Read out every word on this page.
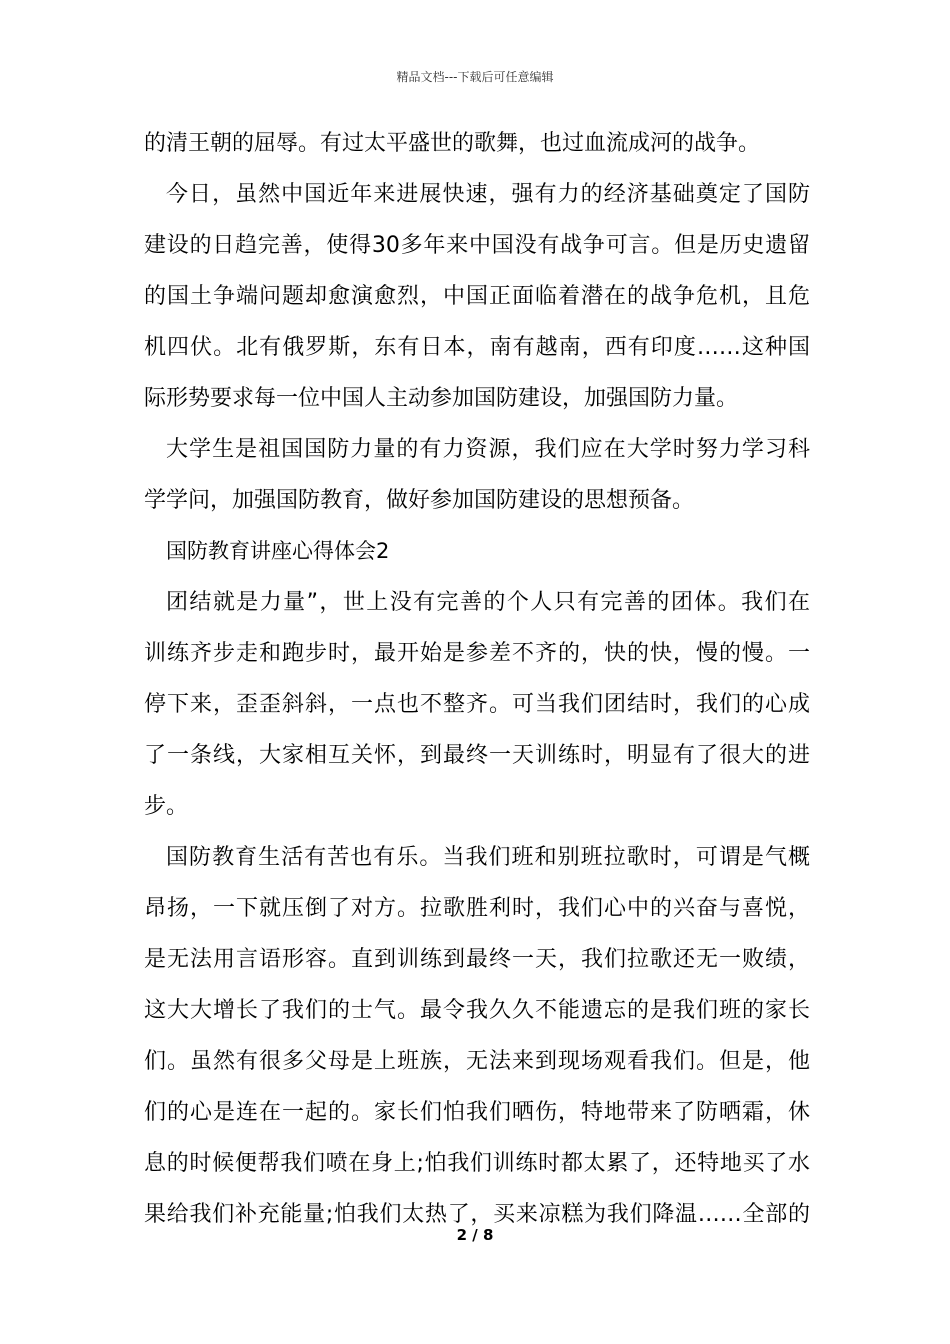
精品文档---下载后可任意编辑
的清王朝的屈辱。有过太平盛世的歌舞，也过血流成河的战争。
今日，虽然中国近年来进展快速，强有力的经济基础奠定了国防
建设的日趋完善，使得30多年来中国没有战争可言。但是历史遗留
的国土争端问题却愈演愈烈，中国正面临着潜在的战争危机，且危
机四伏。北有俄罗斯，东有日本，南有越南，西有印度……这种国
际形势要求每一位中国人主动参加国防建设，加强国防力量。
大学生是祖国国防力量的有力资源，我们应在大学时努力学习科
学学问，加强国防教育，做好参加国防建设的思想预备。
国防教育讲座心得体会2
团结就是力量”，世上没有完善的个人只有完善的团体。我们在
训练齐步走和跑步时，最开始是参差不齐的，快的快，慢的慢。一
停下来，歪歪斜斜，一点也不整齐。可当我们团结时，我们的心成
了一条线，大家相互关怀，到最终一天训练时，明显有了很大的进
步。
国防教育生活有苦也有乐。当我们班和别班拉歌时，可谓是气概
昂扬，一下就压倒了对方。拉歌胜利时，我们心中的兴奋与喜悦，
是无法用言语形容。直到训练到最终一天，我们拉歌还无一败绩，
这大大增长了我们的士气。最令我久久不能遗忘的是我们班的家长
们。虽然有很多父母是上班族，无法来到现场观看我们。但是，他
们的心是连在一起的。家长们怕我们晒伤，特地带来了防晒霜，休
息的时候便帮我们喷在身上;怕我们训练时都太累了，还特地买了水
果给我们补充能量;怕我们太热了，买来凉糕为我们降温……全部的
2 / 8
